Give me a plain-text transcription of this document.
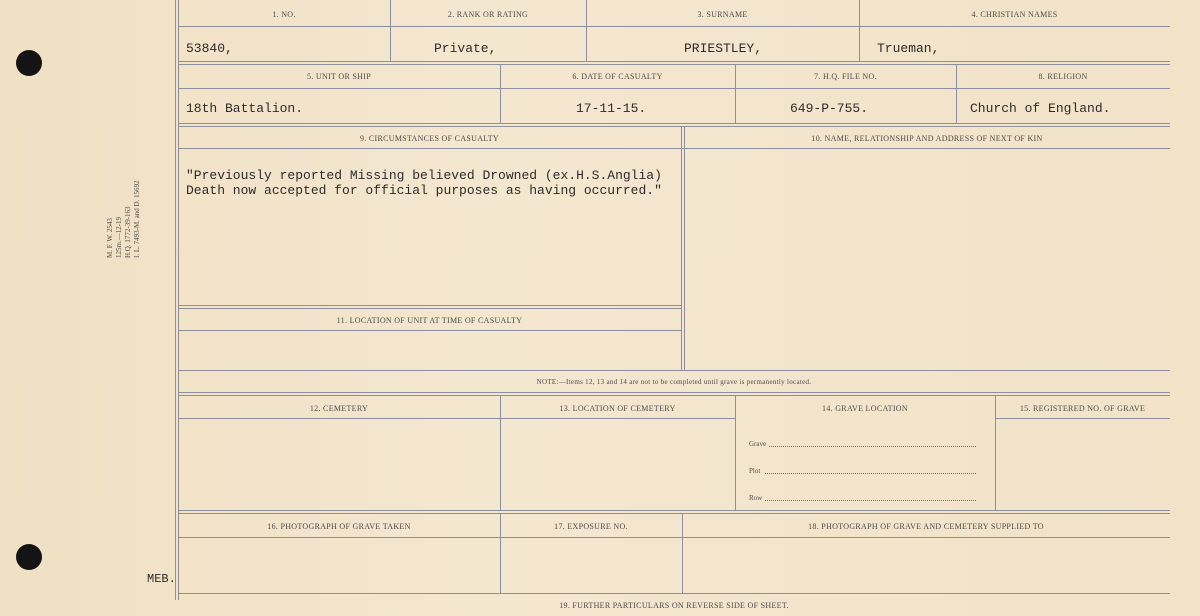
M. F. W. 2543 125m.—12-19 H.Q. 1772-39-163 I. L. 7493-M. and D. 15692
1. NO.	2. RANK OR RATING	3. SURNAME	4. CHRISTIAN NAMES
53840,	Private,	PRIESTLEY,	Trueman,
5. UNIT OR SHIP	6. DATE OF CASUALTY	7. H.Q. FILE NO.	8. RELIGION
18th Battalion.	17-11-15.	649-P-755.	Church of England.
9. CIRCUMSTANCES OF CASUALTY	10. NAME, RELATIONSHIP AND ADDRESS OF NEXT OF KIN
"Previously reported Missing believed Drowned (ex.H.S.Anglia)
Death now accepted for official purposes as having occurred."
11. LOCATION OF UNIT AT TIME OF CASUALTY
NOTE:—Items 12, 13 and 14 are not to be completed until grave is permanently located.
12. CEMETERY	13. LOCATION OF CEMETERY	14. GRAVE LOCATION	15. REGISTERED NO. OF GRAVE
Grave
Plot
Row
16. PHOTOGRAPH OF GRAVE TAKEN	17. EXPOSURE NO.	18. PHOTOGRAPH OF GRAVE AND CEMETERY SUPPLIED TO
MEB.
19. FURTHER PARTICULARS ON REVERSE SIDE OF SHEET.
